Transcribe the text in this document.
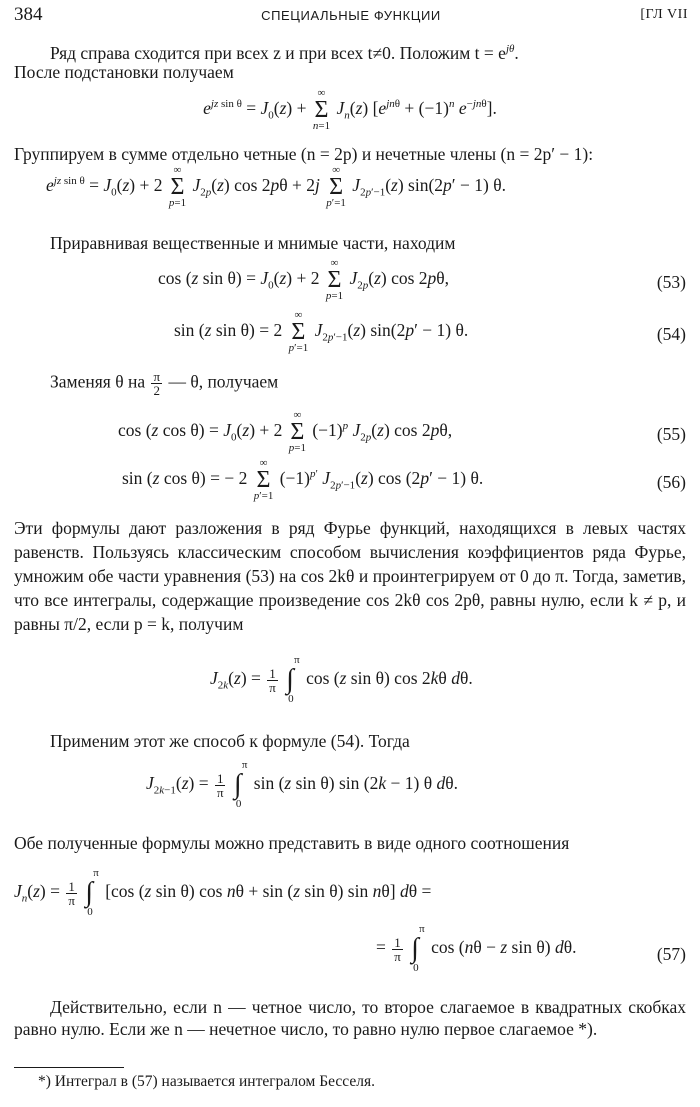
384	СПЕЦИАЛЬНЫЕ ФУНКЦИИ	[ГЛ VII
Ряд справа сходится при всех z и при всех t≠0. Положим $t = e^{j\theta}$.
После подстановки получаем
$e^{jz sin \theta} = J_0(z)$ +
∞
Σ
n=1
$J_n(z) [e^{jn\theta} + (-1)^n$ $e^{-jn\theta}$].
Группируем в сумме отдельно четные (n = 2p) и нечетные члены (n = 2p′ − 1):
$e^{jz sin \theta} = J_0(z) + 2$
∞
Σ
p=1
$J_{2p}(z)$ cos 2pθ + 2j
∞
Σ
p′=1
$J_{2p'-1}(z) \sin(2p' - 1)$ θ.
Приравнивая вещественные и мнимые части, находим
cos (z $\sin \theta) = J_0(z) + 2$
∞
Σ
p=1
$J_{2p}(z)$ cos 2pθ,	(53)
sin (z sin θ) = 2
∞
Σ
p′=1
$J_{2p'-1}(z) \sin(2p' - 1)$ θ.	(54)
Заменяя θ на $\frac{\pi}{2}$ — θ, получаем
cos (z $\cos \theta) = J_0(z) + 2$
∞
Σ
p=1
$(-1)^p$ $J_{2p}(z)$ cos 2pθ,	(55)
sin (z cos θ) = − 2
∞
Σ
p′=1
$(-1)^{p'}$ $J_{2p'-1}(z)$ cos (2p′ − 1) θ.	(56)
Эти формулы дают разложения в ряд Фурье функций, находящихся в левых частях равенств. Пользуясь классическим способом вычисления коэффициентов ряда Фурье, умножим обе части уравнения (53) на cos 2kθ и проинтегрируем от 0 до π. Тогда, заметив, что все интегралы, содержащие произведение cos 2kθ cos 2pθ, равны нулю, если k ≠ p, и равны π/2, если p = k, получим
$J_{2k}(z) = \frac{1}{\pi}$

π
∫
0
cos (z sin θ) cos 2kθ dθ.
Применим этот же способ к формуле (54). Тогда
$J_{2k-1}(z) = \frac{1}{\pi}$

π
∫
0
sin (z sin θ) sin (2k − 1) θ dθ.
Обе полученные формулы можно представить в виде одного соотношения
$J_n(z) = \frac{1}{\pi}$

π
∫
0
[cos (z sin θ) cos nθ + sin (z sin θ) sin nθ] dθ =
= $\frac{1}{\pi}$

π
∫
0
cos (nθ − z sin θ) dθ.	(57)
Действительно, если n — четное число, то второе слагаемое в квадратных скобках равно нулю. Если же n — нечетное число, то равно нулю первое слагаемое *).
*) Интеграл в (57) называется интегралом Бесселя.
